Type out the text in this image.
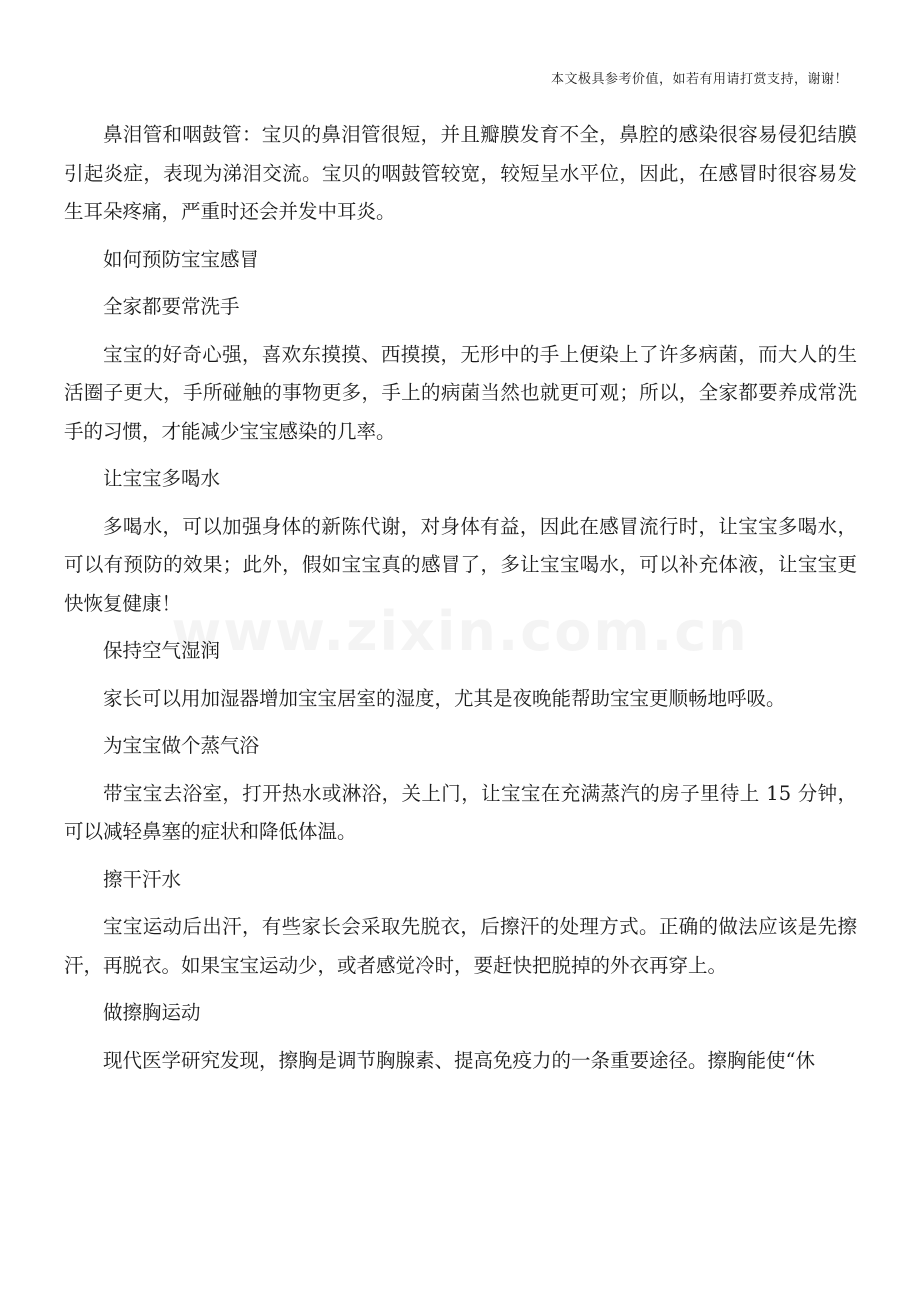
本文极具参考价值，如若有用请打赏支持，谢谢！

鼻泪管和咽鼓管：宝贝的鼻泪管很短，并且瓣膜发育不全，鼻腔的感染很容易侵犯结膜引起炎症，表现为涕泪交流。宝贝的咽鼓管较宽，较短呈水平位，因此，在感冒时很容易发生耳朵疼痛，严重时还会并发中耳炎。

如何预防宝宝感冒

全家都要常洗手

宝宝的好奇心强，喜欢东摸摸、西摸摸，无形中的手上便染上了许多病菌，而大人的生活圈子更大，手所碰触的事物更多，手上的病菌当然也就更可观；所以，全家都要养成常洗手的习惯，才能减少宝宝感染的几率。

让宝宝多喝水

多喝水，可以加强身体的新陈代谢，对身体有益，因此在感冒流行时，让宝宝多喝水，可以有预防的效果；此外，假如宝宝真的感冒了，多让宝宝喝水，可以补充体液，让宝宝更快恢复健康！

保持空气湿润

家长可以用加湿器增加宝宝居室的湿度，尤其是夜晚能帮助宝宝更顺畅地呼吸。

为宝宝做个蒸气浴

带宝宝去浴室，打开热水或淋浴，关上门，让宝宝在充满蒸汽的房子里待上 15 分钟，可以减轻鼻塞的症状和降低体温。

擦干汗水

宝宝运动后出汗，有些家长会采取先脱衣，后擦汗的处理方式。正确的做法应该是先擦汗，再脱衣。如果宝宝运动少，或者感觉冷时，要赶快把脱掉的外衣再穿上。

做擦胸运动

现代医学研究发现，擦胸是调节胸腺素、提高免疫力的一条重要途径。擦胸能使“休
